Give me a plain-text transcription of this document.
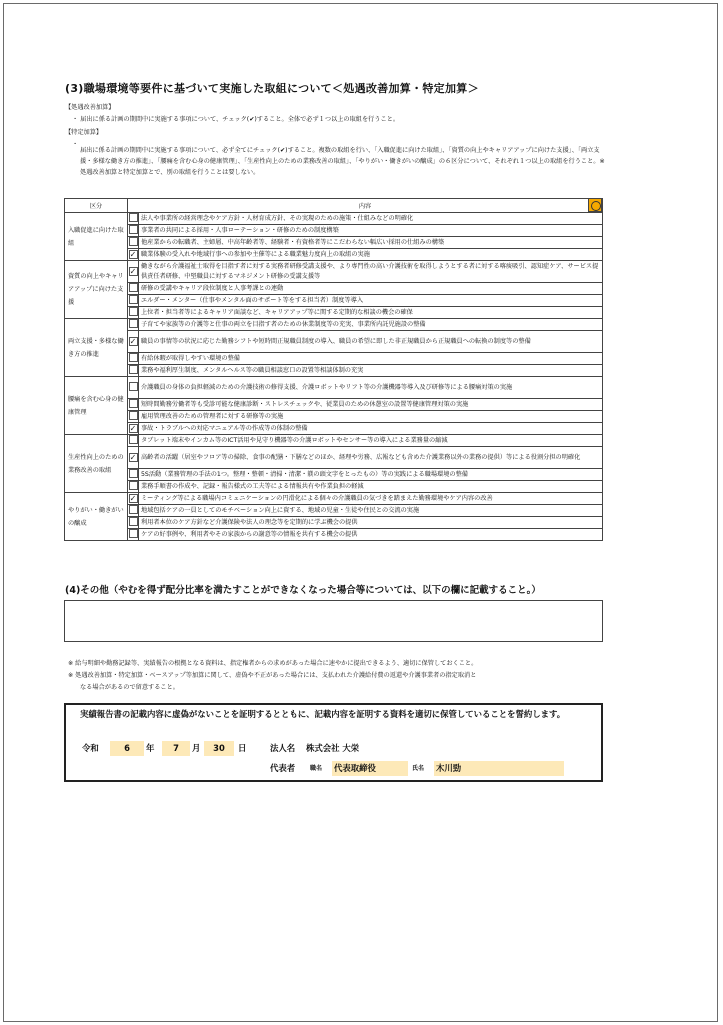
(3)職場環境等要件に基づいて実施した取組について＜処遇改善加算・特定加算＞
【処遇改善加算】
・ 届出に係る計画の期間中に実施する事項について、チェック(✔)すること。全体で必ず１つ以上の取組を行うこと。
【特定加算】
・
届出に係る計画の期間中に実施する事項について、必ず全てにチェック(✔)すること。複数の取組を行い、「入職促進に向けた取組」、「資質の向上やキャリアアップに向けた支援」、「両立支援・多様な働き方の推進」、「腰痛を含む心身の健康管理」、「生産性向上のための業務改善の取組」、「やりがい・働きがいの醸成」の６区分について、それぞれ１つ以上の取組を行うこと。※処遇改善加算と特定加算とで、別の取組を行うことは要しない。
区分	内容	

入職促進に向けた取組		法人や事業所の経営理念やケア方針・人材育成方針、その実現のための施策・仕組みなどの明確化
		事業者の共同による採用・人事ローテーション・研修のための制度構築
		他産業からの転職者、主婦層、中高年齢者等、経験者・有資格者等にこだわらない幅広い採用の仕組みの構築
	✓	職業体験の受入れや地域行事への参加や主催等による職業魅力度向上の取組の実施
資質の向上やキャリアアップに向けた支援	✓	働きながら介護福祉士取得を目指す者に対する実務者研修受講支援や、より専門性の高い介護技術を取得しようとする者に対する喀痰吸引、認知症ケア、サービス提供責任者研修、中堅職員に対するマネジメント研修の受講支援等
		研修の受講やキャリア段位制度と人事考課との連動
		エルダー・メンター（仕事やメンタル面のサポート等をする担当者）制度等導入
		上位者・担当者等によるキャリア面談など、キャリアアップ等に関する定期的な相談の機会の確保
両立支援・多様な働き方の推進		子育てや家族等の介護等と仕事の両立を目指す者のための休業制度等の充実、事業所内託児施設の整備
	✓	職員の事情等の状況に応じた勤務シフトや短時間正規職員制度の導入、職員の希望に即した非正規職員から正規職員への転換の制度等の整備
		有給休暇が取得しやすい環境の整備
		業務や福利厚生制度、メンタルヘルス等の職員相談窓口の設置等相談体制の充実
腰痛を含む心身の健康管理		介護職員の身体の負担軽減のための介護技術の修得支援、介護ロボットやリフト等の介護機器等導入及び研修等による腰痛対策の実施
		短時間勤務労働者等も受診可能な健康診断・ストレスチェックや、従業員のための休憩室の設置等健康管理対策の実施
		雇用管理改善のための管理者に対する研修等の実施
	✓	事故・トラブルへの対応マニュアル等の作成等の体制の整備
生産性向上のための業務改善の取組		タブレット端末やインカム等のICT活用や見守り機器等の介護ロボットやセンサー等の導入による業務量の縮減
	✓	高齢者の活躍（居室やフロア等の掃除、食事の配膳・下膳などのほか、経理や労務、広報なども含めた介護業務以外の業務の提供）等による役割分担の明確化
		5S活動（業務管理の手法の1つ。整理・整頓・清掃・清潔・躾の頭文字をとったもの）等の実践による職場環境の整備
		業務手順書の作成や、記録・報告様式の工夫等による情報共有や作業負担の軽減
やりがい・働きがいの醸成	✓	ミーティング等による職場内コミュニケーションの円滑化による個々の介護職員の気づきを踏まえた勤務環境やケア内容の改善
		地域包括ケアの一員としてのモチベーション向上に資する、地域の児童・生徒や住民との交流の実施
		利用者本位のケア方針など介護保険や法人の理念等を定期的に学ぶ機会の提供
		ケアの好事例や、利用者やその家族からの謝意等の情報を共有する機会の提供
(4)その他（やむを得ず配分比率を満たすことができなくなった場合等については、以下の欄に記載すること。）
※ 給与明細や勤務記録等、実績報告の根拠となる資料は、指定権者からの求めがあった場合に速やかに提出できるよう、適切に保管しておくこと。
※ 処遇改善加算・特定加算・ベースアップ等加算に関して、虚偽や不正があった場合には、支払われた介護給付費の返還や介護事業者の指定取消と
なる場合があるので留意すること。
実績報告書の記載内容に虚偽がないことを証明するとともに、記載内容を証明する資料を適切に保管していることを誓約します。
令和	6	年	7	月	30	日	法人名 株式会社 大栄
代表者 職名 代表取締役	氏名 木川勁
